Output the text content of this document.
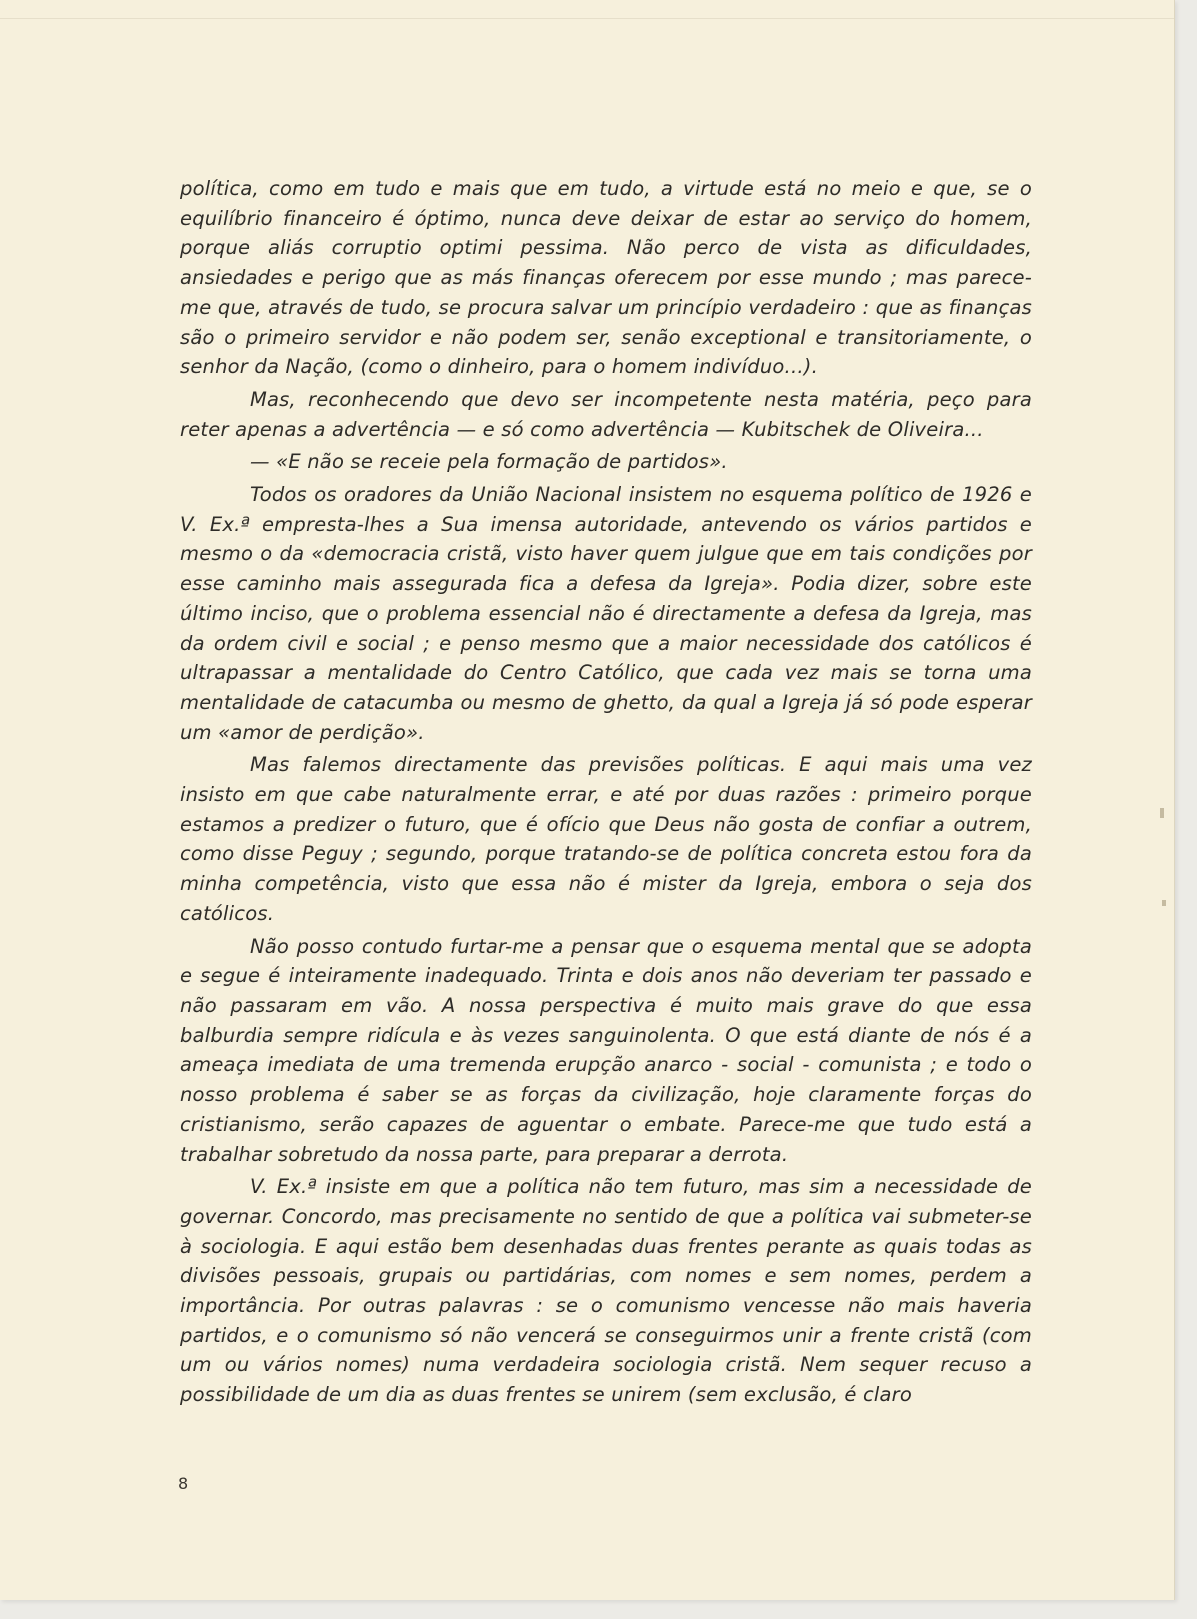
política, como em tudo e mais que em tudo, a virtude está no meio e que, se o equilíbrio financeiro é óptimo, nunca deve deixar de estar ao serviço do homem, porque aliás corruptio optimi pessima. Não perco de vista as dificuldades, ansiedades e perigo que as más finanças oferecem por esse mundo ; mas parece-me que, através de tudo, se procura salvar um princípio verdadeiro : que as finanças são o primeiro servidor e não podem ser, senão exceptional e transitoriamente, o senhor da Nação, (como o dinheiro, para o homem indivíduo...).

Mas, reconhecendo que devo ser incompetente nesta matéria, peço para reter apenas a advertência — e só como advertência — Kubitschek de Oliveira...

— «E não se receie pela formação de partidos».

Todos os oradores da União Nacional insistem no esquema político de 1926 e V. Ex.ª empresta-lhes a Sua imensa autoridade, antevendo os vários partidos e mesmo o da «democracia cristã, visto haver quem julgue que em tais condições por esse caminho mais assegurada fica a defesa da Igreja». Podia dizer, sobre este último inciso, que o problema essencial não é directamente a defesa da Igreja, mas da ordem civil e social ; e penso mesmo que a maior necessidade dos católicos é ultrapassar a mentalidade do Centro Católico, que cada vez mais se torna uma mentalidade de catacumba ou mesmo de ghetto, da qual a Igreja já só pode esperar um «amor de perdição».

Mas falemos directamente das previsões políticas. E aqui mais uma vez insisto em que cabe naturalmente errar, e até por duas razões : primeiro porque estamos a predizer o futuro, que é ofício que Deus não gosta de confiar a outrem, como disse Peguy ; segundo, porque tratando-se de política concreta estou fora da minha competência, visto que essa não é mister da Igreja, embora o seja dos católicos.

Não posso contudo furtar-me a pensar que o esquema mental que se adopta e segue é inteiramente inadequado. Trinta e dois anos não deveriam ter passado e não passaram em vão. A nossa perspectiva é muito mais grave do que essa balburdia sempre ridícula e às vezes sanguinolenta. O que está diante de nós é a ameaça imediata de uma tremenda erupção anarco - social - comunista ; e todo o nosso problema é saber se as forças da civilização, hoje claramente forças do cristianismo, serão capazes de aguentar o embate. Parece-me que tudo está a trabalhar sobretudo da nossa parte, para preparar a derrota.

V. Ex.ª insiste em que a política não tem futuro, mas sim a necessidade de governar. Concordo, mas precisamente no sentido de que a política vai submeter-se à sociologia. E aqui estão bem desenhadas duas frentes perante as quais todas as divisões pessoais, grupais ou partidárias, com nomes e sem nomes, perdem a importância. Por outras palavras : se o comunismo vencesse não mais haveria partidos, e o comunismo só não vencerá se conseguirmos unir a frente cristã (com um ou vários nomes) numa verdadeira sociologia cristã. Nem sequer recuso a possibilidade de um dia as duas frentes se unirem (sem exclusão, é claro

8
